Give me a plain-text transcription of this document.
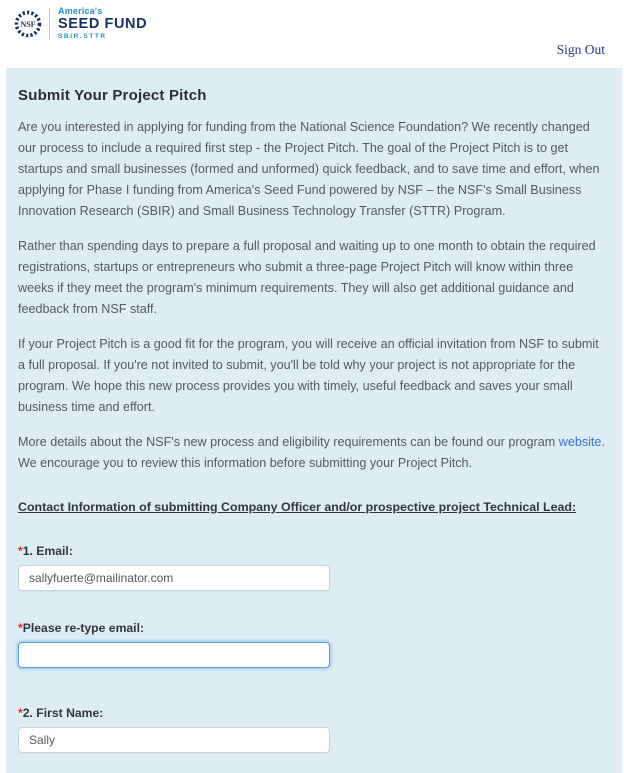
NSF
America's
SEED FUND
SBIR.STTR
Sign Out
Submit Your Project Pitch

Are you interested in applying for funding from the National Science Foundation? We recently changed our process to include a required first step - the Project Pitch. The goal of the Project Pitch is to get startups and small businesses (formed and unformed) quick feedback, and to save time and effort, when applying for Phase I funding from America's Seed Fund powered by NSF – the NSF's Small Business Innovation Research (SBIR) and Small Business Technology Transfer (STTR) Program.

Rather than spending days to prepare a full proposal and waiting up to one month to obtain the required registrations, startups or entrepreneurs who submit a three-page Project Pitch will know within three weeks if they meet the program's minimum requirements. They will also get additional guidance and feedback from NSF staff.

If your Project Pitch is a good fit for the program, you will receive an official invitation from NSF to submit a full proposal. If you're not invited to submit, you'll be told why your project is not appropriate for the program. We hope this new process provides you with timely, useful feedback and saves your small business time and effort.

More details about the NSF's new process and eligibility requirements can be found our program website. We encourage you to review this information before submitting your Project Pitch.

Contact Information of submitting Company Officer and/or prospective project Technical Lead:
*1. Email:
sallyfuerte@mailinator.com
*Please re-type email:
*2. First Name:
Sally
